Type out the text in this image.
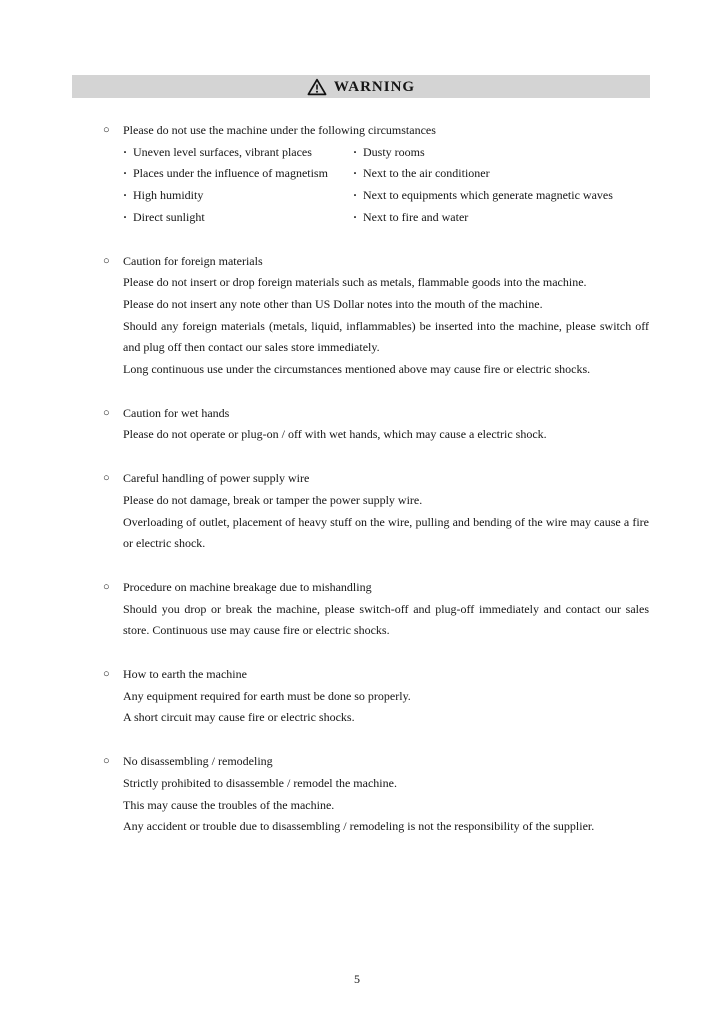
WARNING
○	Please do not use the machine under the following circumstances
· Uneven level surfaces, vibrant places
· Places under the influence of magnetism
· High humidity
· Direct sunlight
· Dusty rooms
· Next to the air conditioner
· Next to equipments which generate magnetic waves
· Next to fire and water
○	Caution for foreign materials
Please do not insert or drop foreign materials such as metals, flammable goods into the machine.
Please do not insert any note other than US Dollar notes into the mouth of the machine.
Should any foreign materials (metals, liquid, inflammables) be inserted into the machine, please switch off and plug off then contact our sales store immediately.
Long continuous use under the circumstances mentioned above may cause fire or electric shocks.
○	Caution for wet hands
Please do not operate or plug-on / off with wet hands, which may cause a electric shock.
○	Careful handling of power supply wire
Please do not damage, break or tamper the power supply wire.
Overloading of outlet, placement of heavy stuff on the wire, pulling and bending of the wire may cause a fire or electric shock.
○	Procedure on machine breakage due to mishandling
Should you drop or break the machine, please switch-off and plug-off immediately and contact our sales store. Continuous use may cause fire or electric shocks.
○	How to earth the machine
Any equipment required for earth must be done so properly.
A short circuit may cause fire or electric shocks.
○	No disassembling / remodeling
Strictly prohibited to disassemble / remodel the machine.
This may cause the troubles of the machine.
Any accident or trouble due to disassembling / remodeling is not the responsibility of the supplier.
5
